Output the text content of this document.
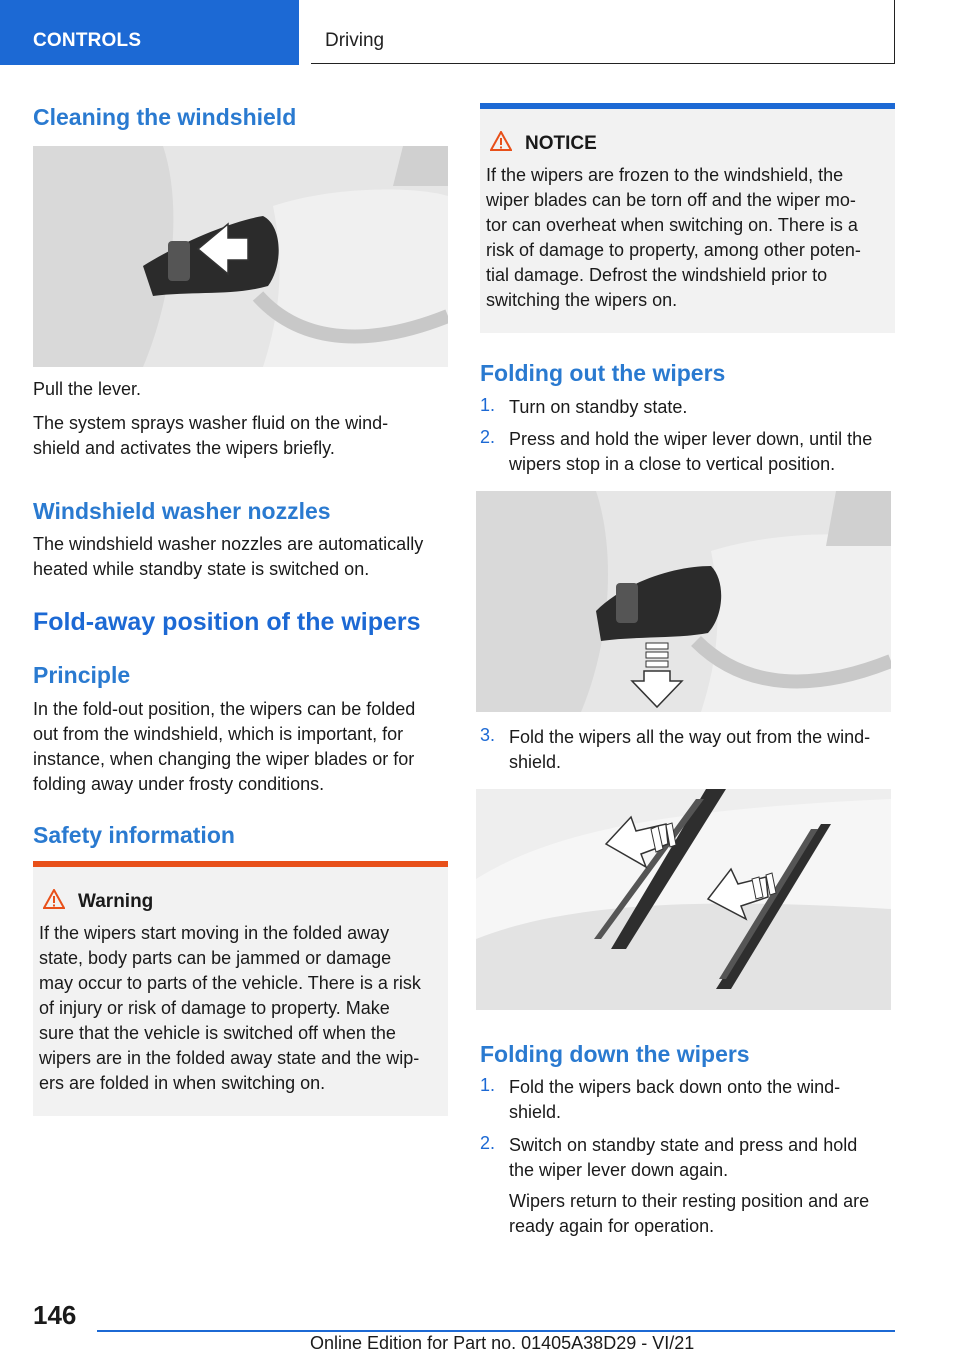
CONTROLS	Driving
Cleaning the windshield
Pull the lever.
The system sprays washer fluid on the wind-
shield and activates the wipers briefly.
Windshield washer nozzles
The windshield washer nozzles are automatically
heated while standby state is switched on.
Fold-away position of the wipers
Principle
In the fold-out position, the wipers can be folded
out from the windshield, which is important, for
instance, when changing the wiper blades or for
folding away under frosty conditions.
Safety information
Warning
If the wipers start moving in the folded away
state, body parts can be jammed or damage
may occur to parts of the vehicle. There is a risk
of injury or risk of damage to property. Make
sure that the vehicle is switched off when the
wipers are in the folded away state and the wip-
ers are folded in when switching on.
NOTICE
If the wipers are frozen to the windshield, the
wiper blades can be torn off and the wiper mo-
tor can overheat when switching on. There is a
risk of damage to property, among other poten-
tial damage. Defrost the windshield prior to
switching the wipers on.
Folding out the wipers
1. Turn on standby state.
2. Press and hold the wiper lever down, until the
wipers stop in a close to vertical position.
3. Fold the wipers all the way out from the wind-
shield.
Folding down the wipers
1. Fold the wipers back down onto the wind-
shield.
2. Switch on standby state and press and hold
the wiper lever down again.
Wipers return to their resting position and are
ready again for operation.
146
Online Edition for Part no. 01405A38D29 - VI/21
